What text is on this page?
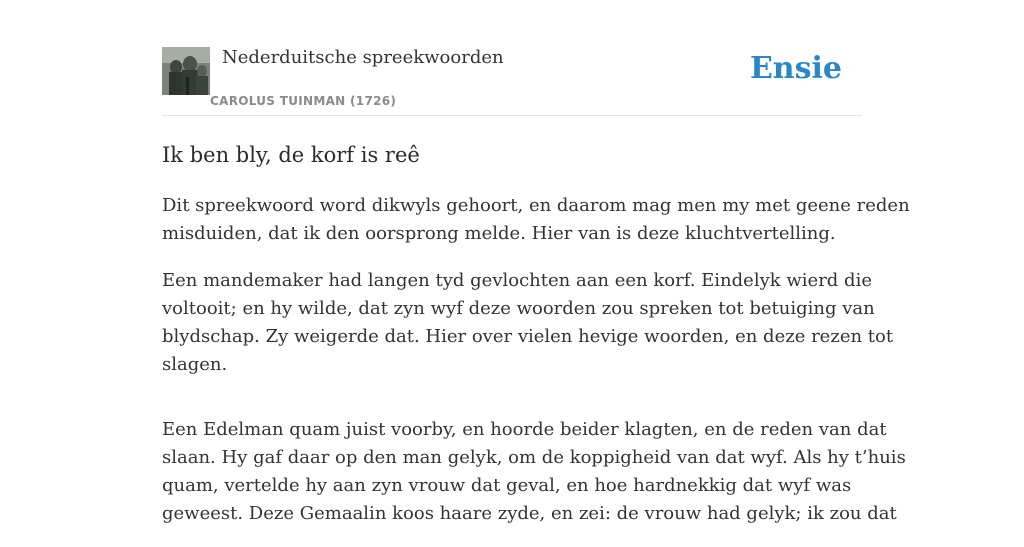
Nederduitsche spreekwoorden
CAROLUS TUINMAN (1726)
Ensie
Ik ben bly, de korf is reê

Dit spreekwoord word dikwyls gehoort, en daarom mag men my met geene reden
misduiden, dat ik den oorsprong melde. Hier van is deze kluchtvertelling.

Een mandemaker had langen tyd gevlochten aan een korf. Eindelyk wierd die
voltooit; en hy wilde, dat zyn wyf deze woorden zou spreken tot betuiging van
blydschap. Zy weigerde dat. Hier over vielen hevige woorden, en deze rezen tot
slagen.

Een Edelman quam juist voorby, en hoorde beider klagten, en de reden van dat
slaan. Hy gaf daar op den man gelyk, om de koppigheid van dat wyf. Als hy t’huis
quam, vertelde hy aan zyn vrouw dat geval, en hoe hardnekkig dat wyf was
geweest. Deze Gemaalin koos haare zyde, en zei: de vrouw had gelyk; ik zou dat
